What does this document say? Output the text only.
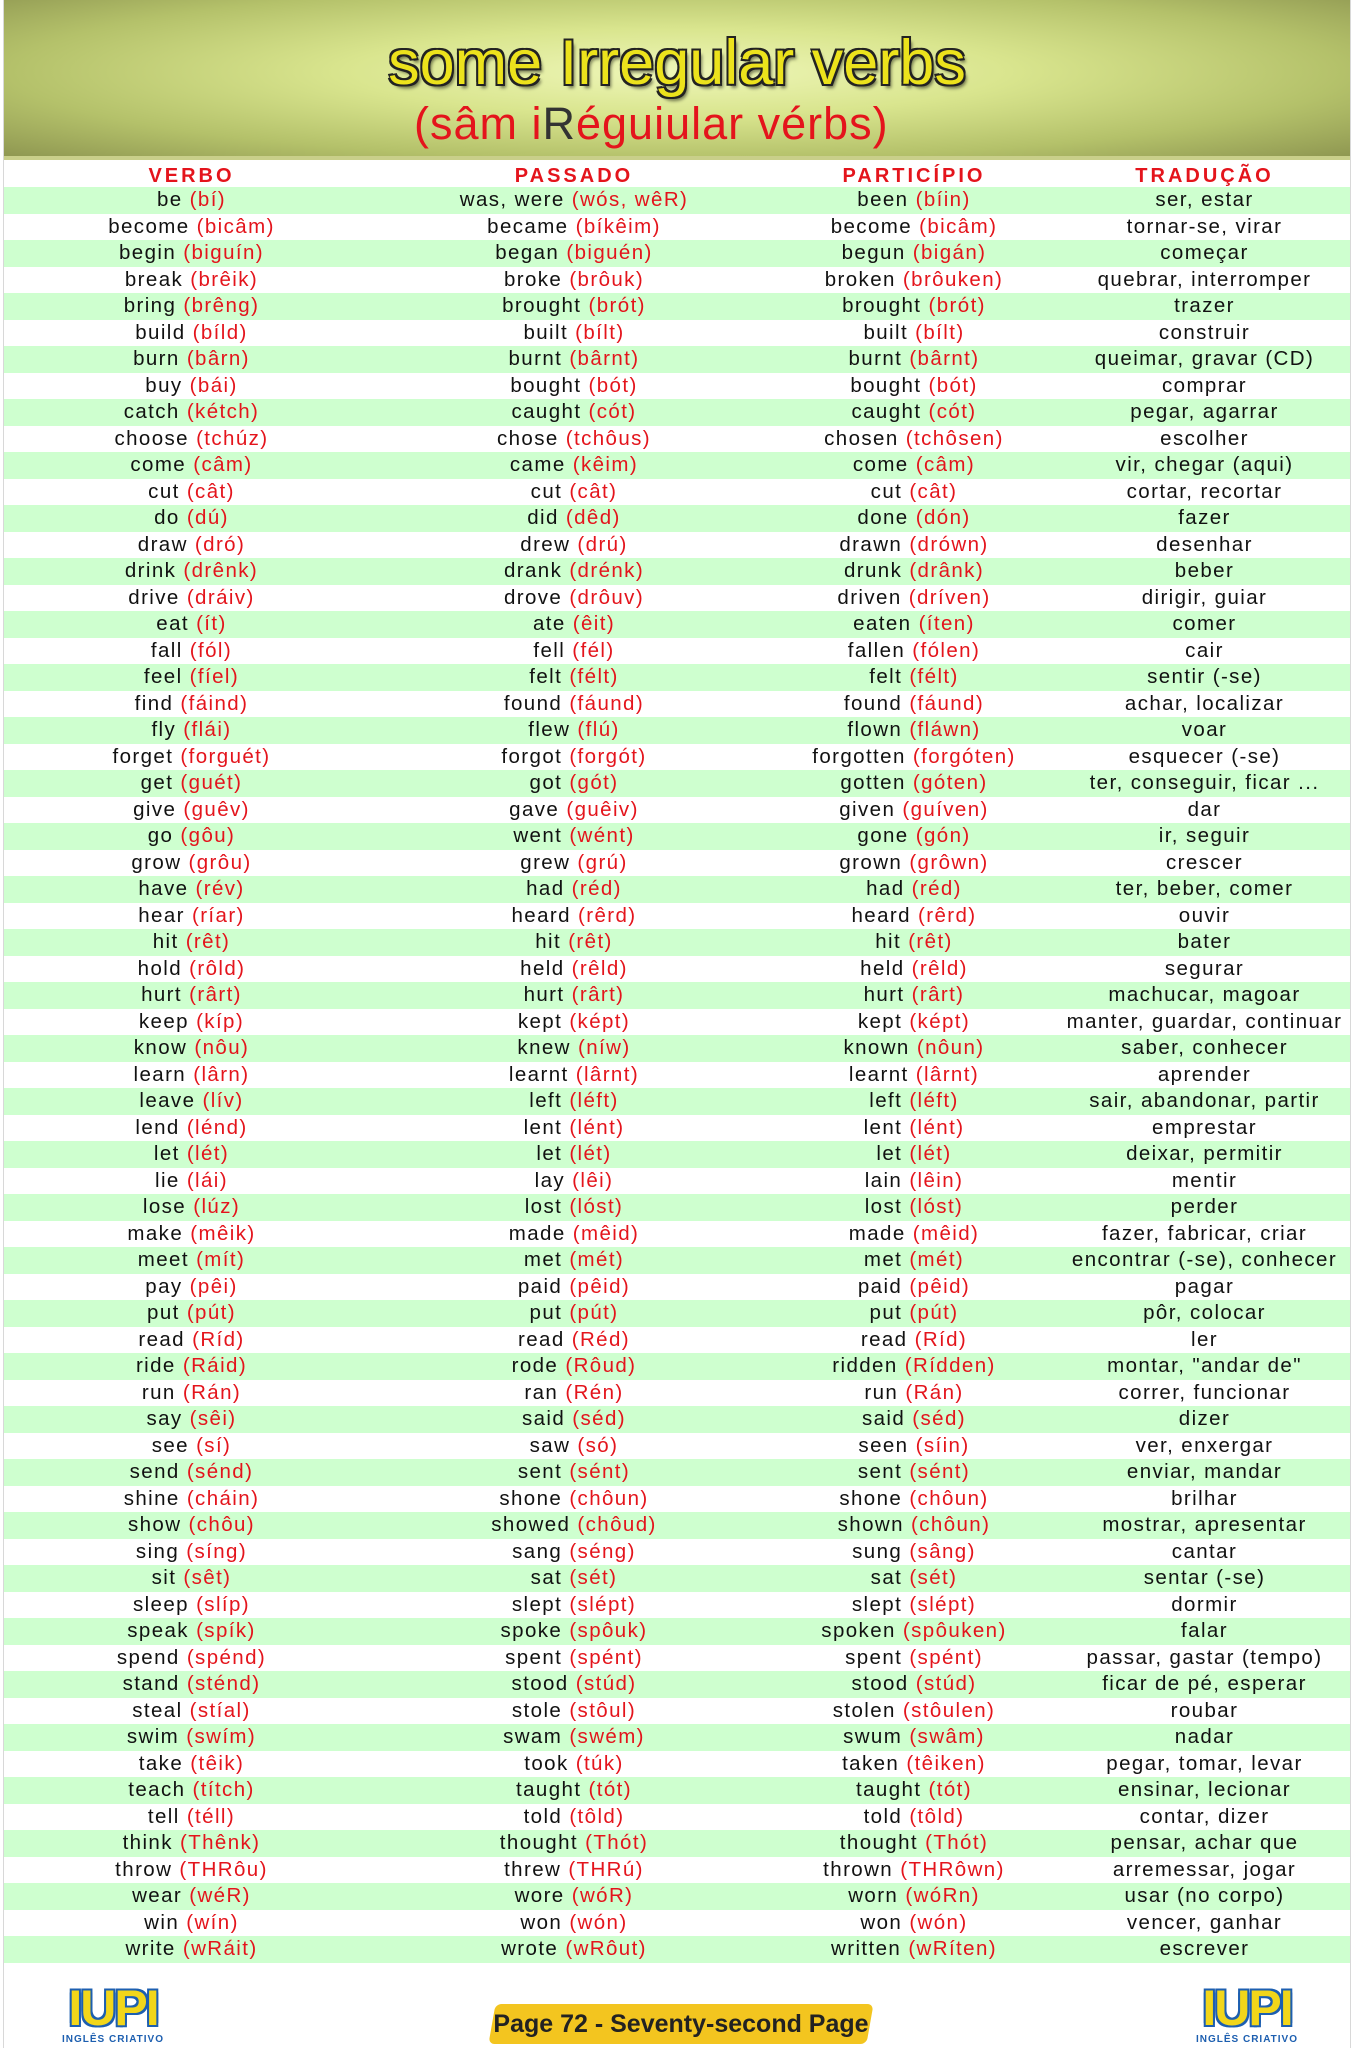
some Irregular verbs
(sâm iRéguiular vérbs)
VERBO	PASSADO	PARTICÍPIO	TRADUÇÃO
be (bí)	was, were (wós, wêR)	been (bíin)	ser, estar
become (bicâm)	became (bíkêim)	become (bicâm)	tornar-se, virar
begin (biguín)	began (biguén)	begun (bigán)	começar
break (brêik)	broke (brôuk)	broken (brôuken)	quebrar, interromper
bring (brêng)	brought (brót)	brought (brót)	trazer
build (bíld)	built (bílt)	built (bílt)	construir
burn (bârn)	burnt (bârnt)	burnt (bârnt)	queimar, gravar (CD)
buy (bái)	bought (bót)	bought (bót)	comprar
catch (kétch)	caught (cót)	caught (cót)	pegar, agarrar
choose (tchúz)	chose (tchôus)	chosen (tchôsen)	escolher
come (câm)	came (kêim)	come (câm)	vir, chegar (aqui)
cut (cât)	cut (cât)	cut (cât)	cortar, recortar
do (dú)	did (dêd)	done (dón)	fazer
draw (dró)	drew (drú)	drawn (drówn)	desenhar
drink (drênk)	drank (drénk)	drunk (drânk)	beber
drive (dráiv)	drove (drôuv)	driven (dríven)	dirigir, guiar
eat (ít)	ate (êit)	eaten (íten)	comer
fall (fól)	fell (fél)	fallen (fólen)	cair
feel (fíel)	felt (félt)	felt (félt)	sentir (-se)
find (fáind)	found (fáund)	found (fáund)	achar, localizar
fly (flái)	flew (flú)	flown (fláwn)	voar
forget (forguét)	forgot (forgót)	forgotten (forgóten)	esquecer (-se)
get (guét)	got (gót)	gotten (góten)	ter, conseguir, ficar ...
give (guêv)	gave (guêiv)	given (guíven)	dar
go (gôu)	went (wént)	gone (gón)	ir, seguir
grow (grôu)	grew (grú)	grown (grôwn)	crescer
have (rév)	had (réd)	had (réd)	ter, beber, comer
hear (ríar)	heard (rêrd)	heard (rêrd)	ouvir
hit (rêt)	hit (rêt)	hit (rêt)	bater
hold (rôld)	held (rêld)	held (rêld)	segurar
hurt (rârt)	hurt (rârt)	hurt (rârt)	machucar, magoar
keep (kíp)	kept (képt)	kept (képt)	manter, guardar, continuar
know (nôu)	knew (níw)	known (nôun)	saber, conhecer
learn (lârn)	learnt (lârnt)	learnt (lârnt)	aprender
leave (lív)	left (léft)	left (léft)	sair, abandonar, partir
lend (lénd)	lent (lént)	lent (lént)	emprestar
let (lét)	let (lét)	let (lét)	deixar, permitir
lie (lái)	lay (lêi)	lain (lêin)	mentir
lose (lúz)	lost (lóst)	lost (lóst)	perder
make (mêik)	made (mêid)	made (mêid)	fazer, fabricar, criar
meet (mít)	met (mét)	met (mét)	encontrar (-se), conhecer
pay (pêi)	paid (pêid)	paid (pêid)	pagar
put (pút)	put (pút)	put (pút)	pôr, colocar
read (Ríd)	read (Réd)	read (Ríd)	ler
ride (Ráid)	rode (Rôud)	ridden (Rídden)	montar, "andar de"
run (Rán)	ran (Rén)	run (Rán)	correr, funcionar
say (sêi)	said (séd)	said (séd)	dizer
see (sí)	saw (só)	seen (síin)	ver, enxergar
send (sénd)	sent (sént)	sent (sént)	enviar, mandar
shine (cháin)	shone (chôun)	shone (chôun)	brilhar
show (chôu)	showed (chôud)	shown (chôun)	mostrar, apresentar
sing (síng)	sang (séng)	sung (sâng)	cantar
sit (sêt)	sat (sét)	sat (sét)	sentar (-se)
sleep (slíp)	slept (slépt)	slept (slépt)	dormir
speak (spík)	spoke (spôuk)	spoken (spôuken)	falar
spend (spénd)	spent (spént)	spent (spént)	passar, gastar (tempo)
stand (sténd)	stood (stúd)	stood (stúd)	ficar de pé, esperar
steal (stíal)	stole (stôul)	stolen (stôulen)	roubar
swim (swím)	swam (swém)	swum (swâm)	nadar
take (têik)	took (túk)	taken (têiken)	pegar, tomar, levar
teach (títch)	taught (tót)	taught (tót)	ensinar, lecionar
tell (téll)	told (tôld)	told (tôld)	contar, dizer
think (Thênk)	thought (Thót)	thought (Thót)	pensar, achar que
throw (THRôu)	threw (THRú)	thrown (THRôwn)	arremessar, jogar
wear (wéR)	wore (wóR)	worn (wóRn)	usar (no corpo)
win (wín)	won (wón)	won (wón)	vencer, ganhar
write (wRáit)	wrote (wRôut)	written (wRíten)	escrever
IUPI
INGLÊS CRIATIVO
Page 72 - Seventy-second Page	IUPI
INGLÊS CRIATIVO
